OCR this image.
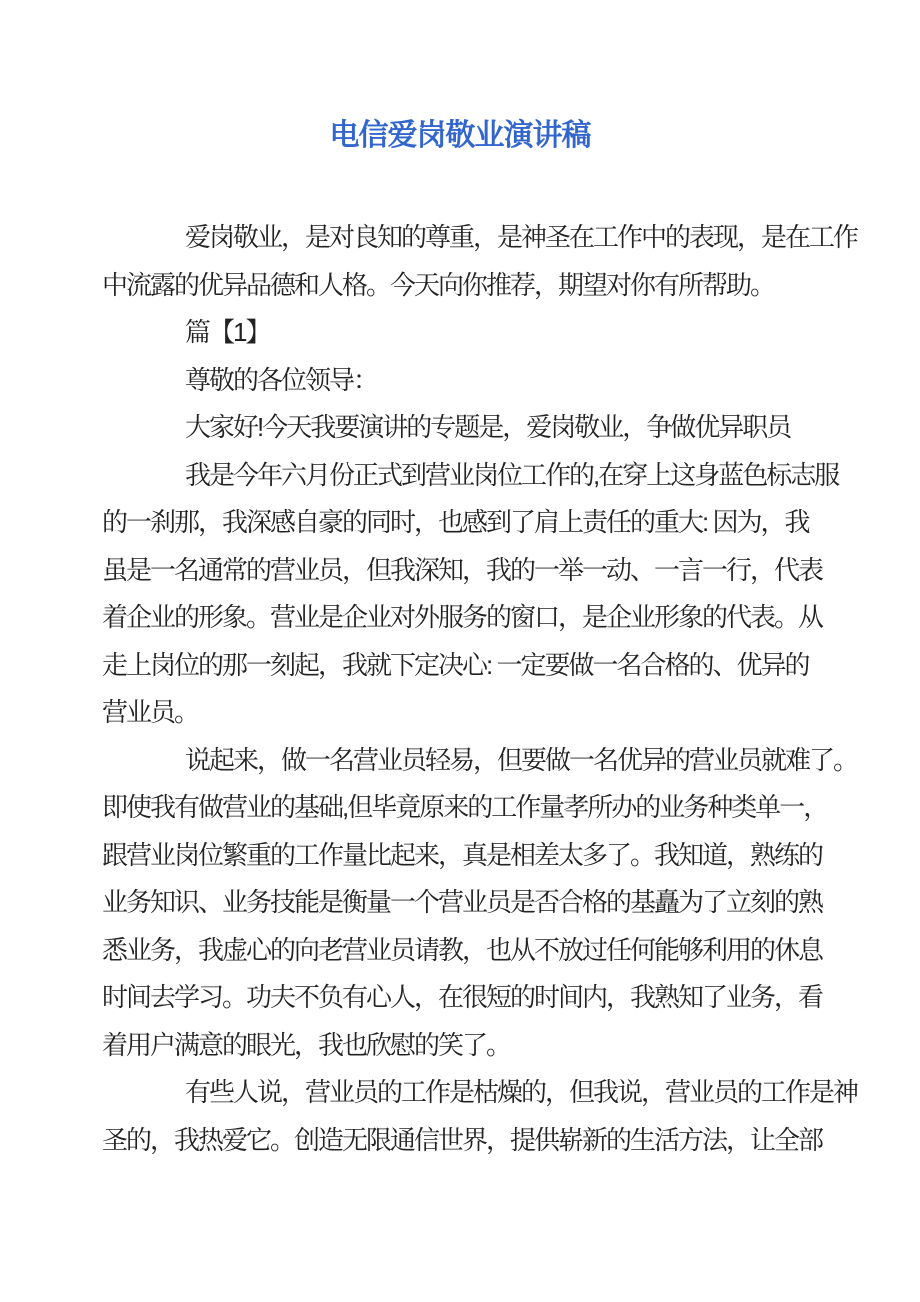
电信爱岗敬业演讲稿
爱岗敬业，是对良知的尊重，是神圣在工作中的表现，是在工作
中流露的优异品德和人格。今天向你推荐，期望对你有所帮助。
篇【1】
尊敬的各位领导：
大家好!今天我要演讲的专题是，爱岗敬业，争做优异职员
我是今年六月份正式到营业岗位工作的,在穿上这身蓝色标志服
的一刹那，我深感自豪的同时，也感到了肩上责任的重大: 因为，我
虽是一名通常的营业员，但我深知，我的一举一动、一言一行，代表
着企业的形象。营业是企业对外服务的窗口，是企业形象的代表。从
走上岗位的那一刻起，我就下定决心: 一定要做一名合格的、优异的
营业员。
说起来，做一名营业员轻易，但要做一名优异的营业员就难了。
即使我有做营业的基础,但毕竟原来的工作量孝所办的业务种类单一，
跟营业岗位繁重的工作量比起来，真是相差太多了。我知道，熟练的
业务知识、业务技能是衡量一个营业员是否合格的基矗为了立刻的熟
悉业务，我虚心的向老营业员请教，也从不放过任何能够利用的休息
时间去学习。功夫不负有心人，在很短的时间内，我熟知了业务，看
着用户满意的眼光，我也欣慰的笑了。
有些人说，营业员的工作是枯燥的，但我说，营业员的工作是神
圣的，我热爱它。创造无限通信世界，提供崭新的生活方法，让全部
